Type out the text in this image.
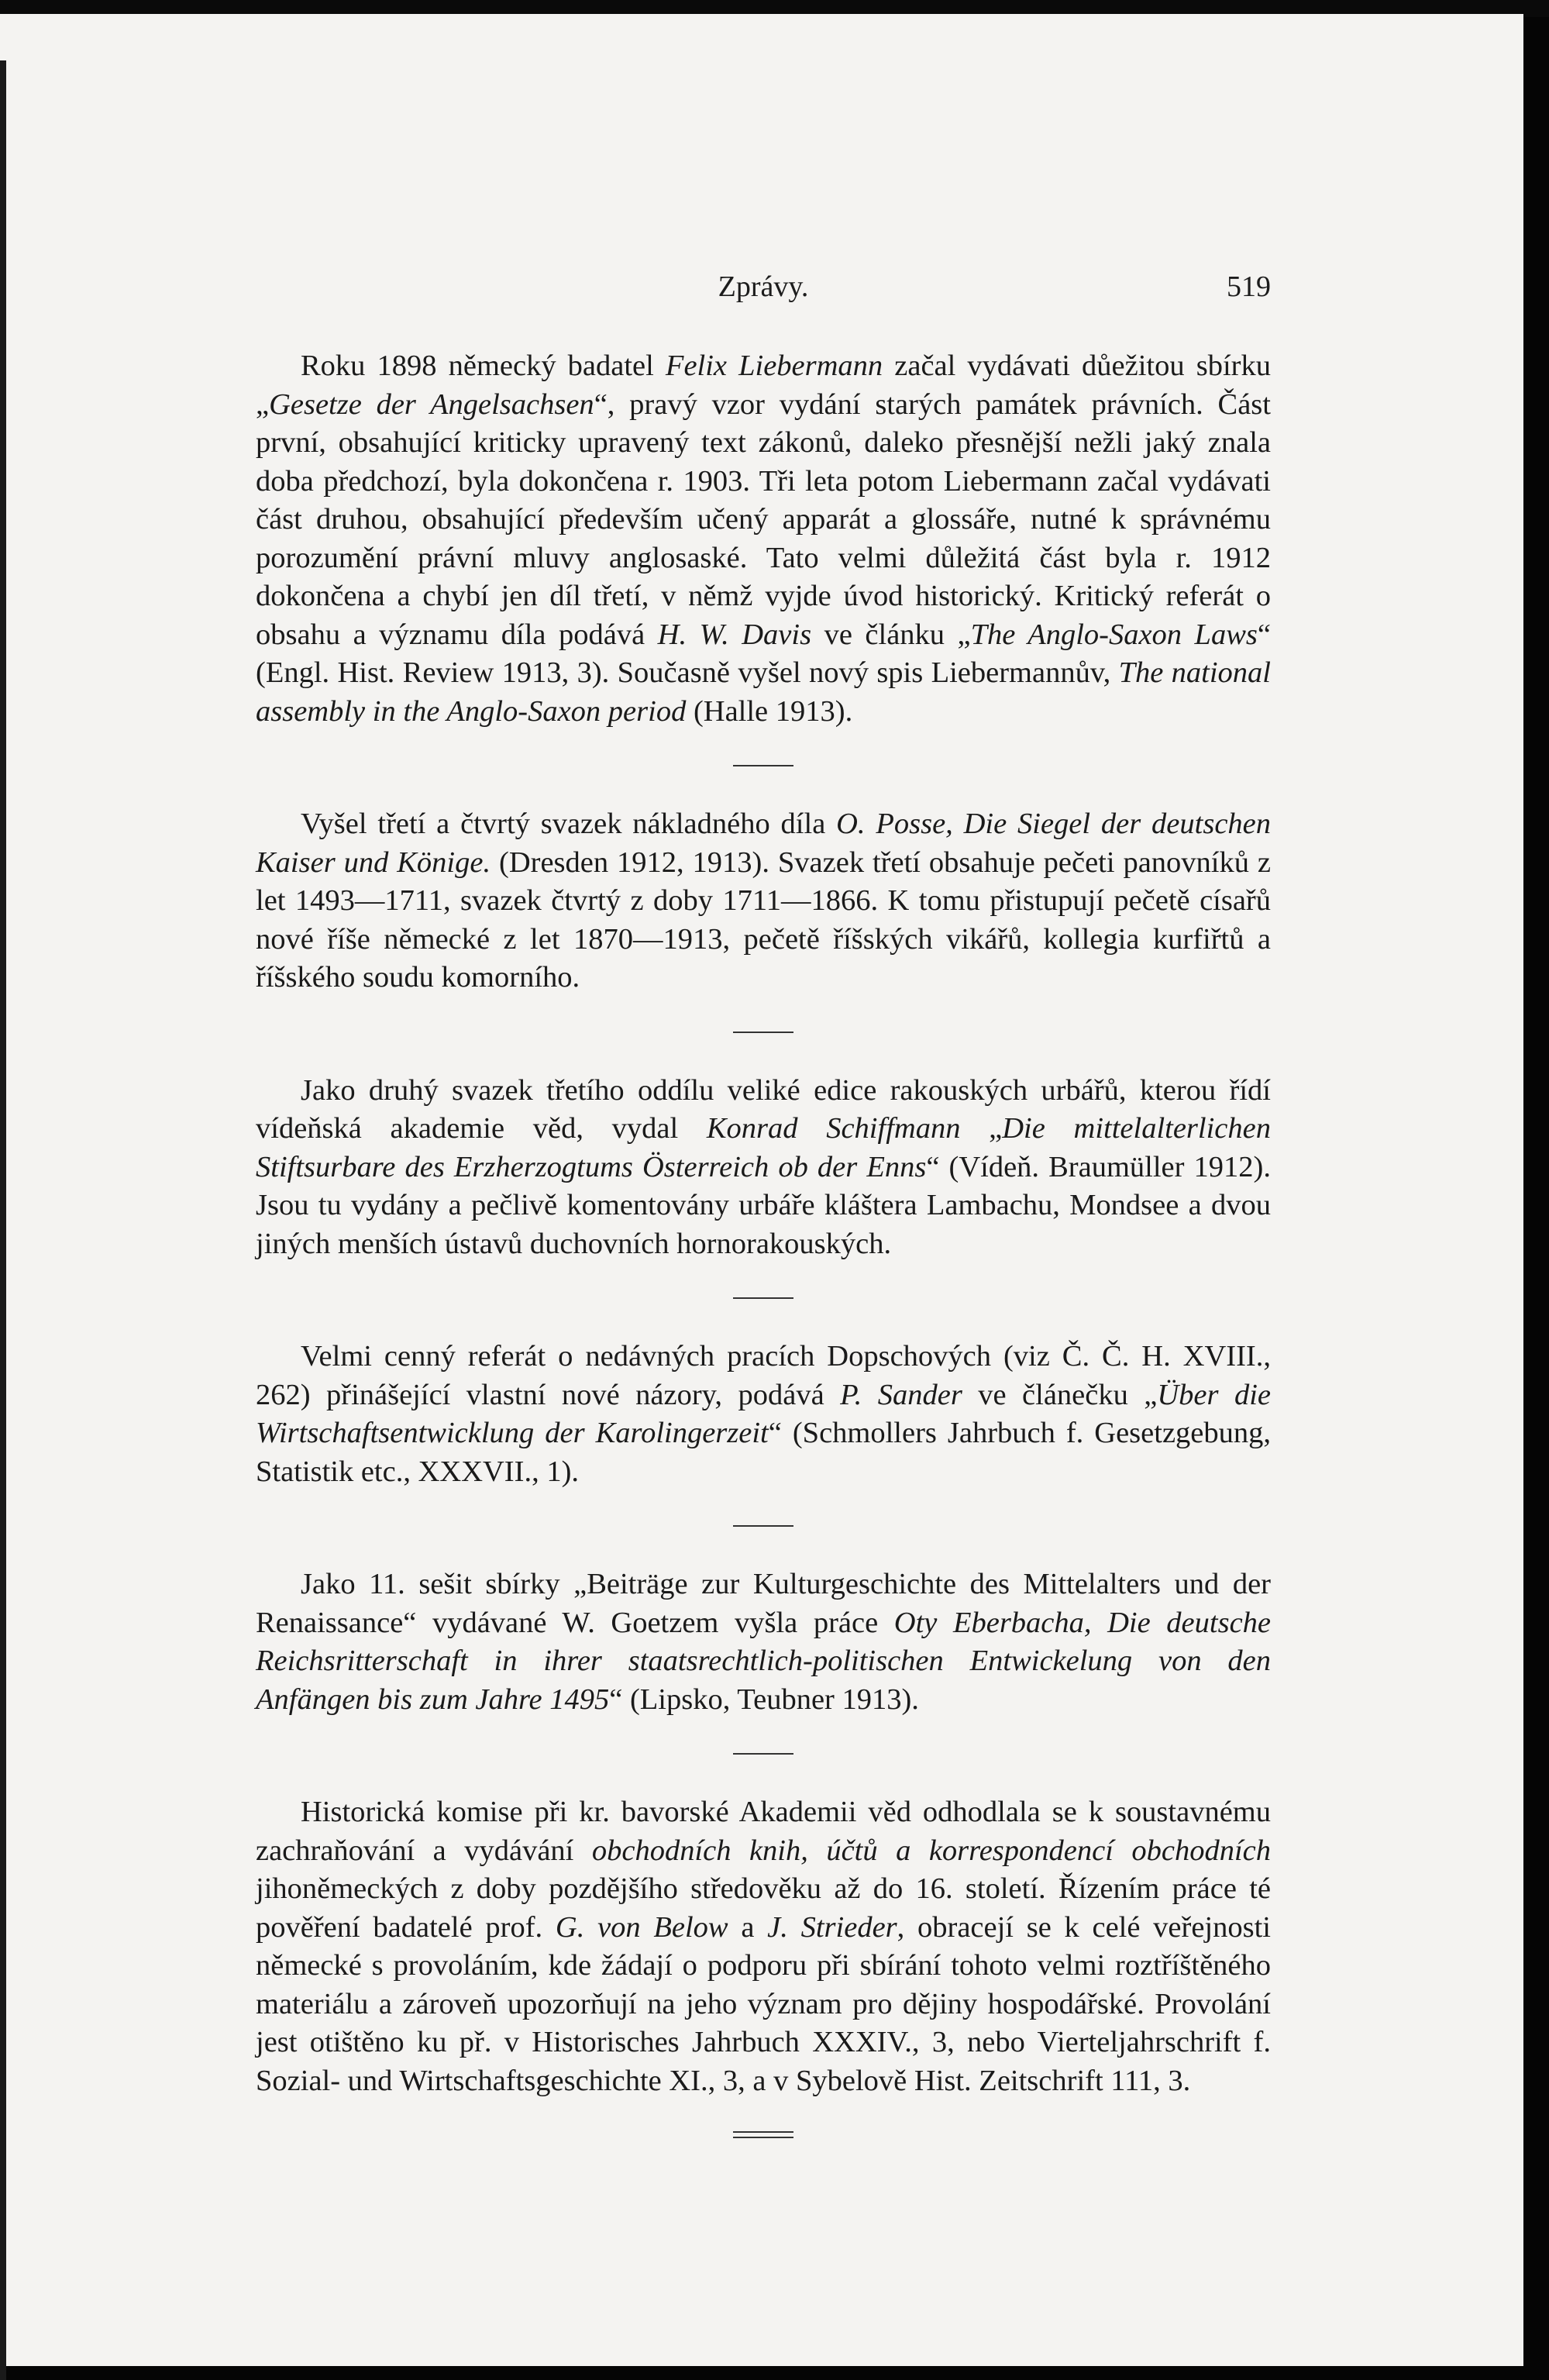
Zprávy.	519

Roku 1898 německý badatel Felix Liebermann začal vydávati důežitou sbírku „Gesetze der Angelsachsen“, pravý vzor vydání starých památek právních. Část první, obsahující kriticky upravený text zákonů, daleko přesnější nežli jaký znala doba předchozí, byla dokončena r. 1903. Tři leta potom Liebermann začal vydávati část druhou, obsahující především učený apparát a glossáře, nutné k správnému porozumění právní mluvy anglosaské. Tato velmi důležitá část byla r. 1912 dokončena a chybí jen díl třetí, v němž vyjde úvod historický. Kritický referát o obsahu a významu díla podává H. W. Davis ve článku „The Anglo-Saxon Laws“ (Engl. Hist. Review 1913, 3). Současně vyšel nový spis Liebermannův, The national assembly in the Anglo-Saxon period (Halle 1913).

Vyšel třetí a čtvrtý svazek nákladného díla O. Posse, Die Siegel der deutschen Kaiser und Könige. (Dresden 1912, 1913). Svazek třetí obsahuje pečeti panovníků z let 1493—1711, svazek čtvrtý z doby 1711—1866. K tomu přistupují pečetě císařů nové říše německé z let 1870—1913, pečetě říšských vikářů, kollegia kurfiřtů a říšského soudu komorního.

Jako druhý svazek třetího oddílu veliké edice rakouských urbářů, kterou řídí vídeňská akademie věd, vydal Konrad Schiffmann „Die mittelalterlichen Stiftsurbare des Erzherzogtums Österreich ob der Enns“ (Vídeň. Braumüller 1912). Jsou tu vydány a pečlivě komentovány urbáře kláštera Lambachu, Mondsee a dvou jiných menších ústavů duchovních hornorakouských.

Velmi cenný referát o nedávných pracích Dopschových (viz Č. Č. H. XVIII., 262) přinášející vlastní nové názory, podává P. Sander ve článečku „Über die Wirtschaftsentwicklung der Karolingerzeit“ (Schmollers Jahrbuch f. Gesetzgebung, Statistik etc., XXXVII., 1).

Jako 11. sešit sbírky „Beiträge zur Kulturgeschichte des Mittelalters und der Renaissance“ vydávané W. Goetzem vyšla práce Oty Eberbacha, Die deutsche Reichsritterschaft in ihrer staatsrechtlich-politischen Entwickelung von den Anfängen bis zum Jahre 1495“ (Lipsko, Teubner 1913).

Historická komise při kr. bavorské Akademii věd odhodlala se k soustavnému zachraňování a vydávání obchodních knih, účtů a korrespondencí obchodních jihoněmeckých z doby pozdějšího středověku až do 16. století. Řízením práce té pověření badatelé prof. G. von Below a J. Strieder, obracejí se k celé veřejnosti německé s provoláním, kde žádají o podporu při sbírání tohoto velmi roztříštěného materiálu a zároveň upozorňují na jeho význam pro dějiny hospodářské. Provolání jest otištěno ku př. v Historisches Jahrbuch XXXIV., 3, nebo Vierteljahrschrift f. Sozial- und Wirtschaftsgeschichte XI., 3, a v Sybelově Hist. Zeitschrift 111, 3.
